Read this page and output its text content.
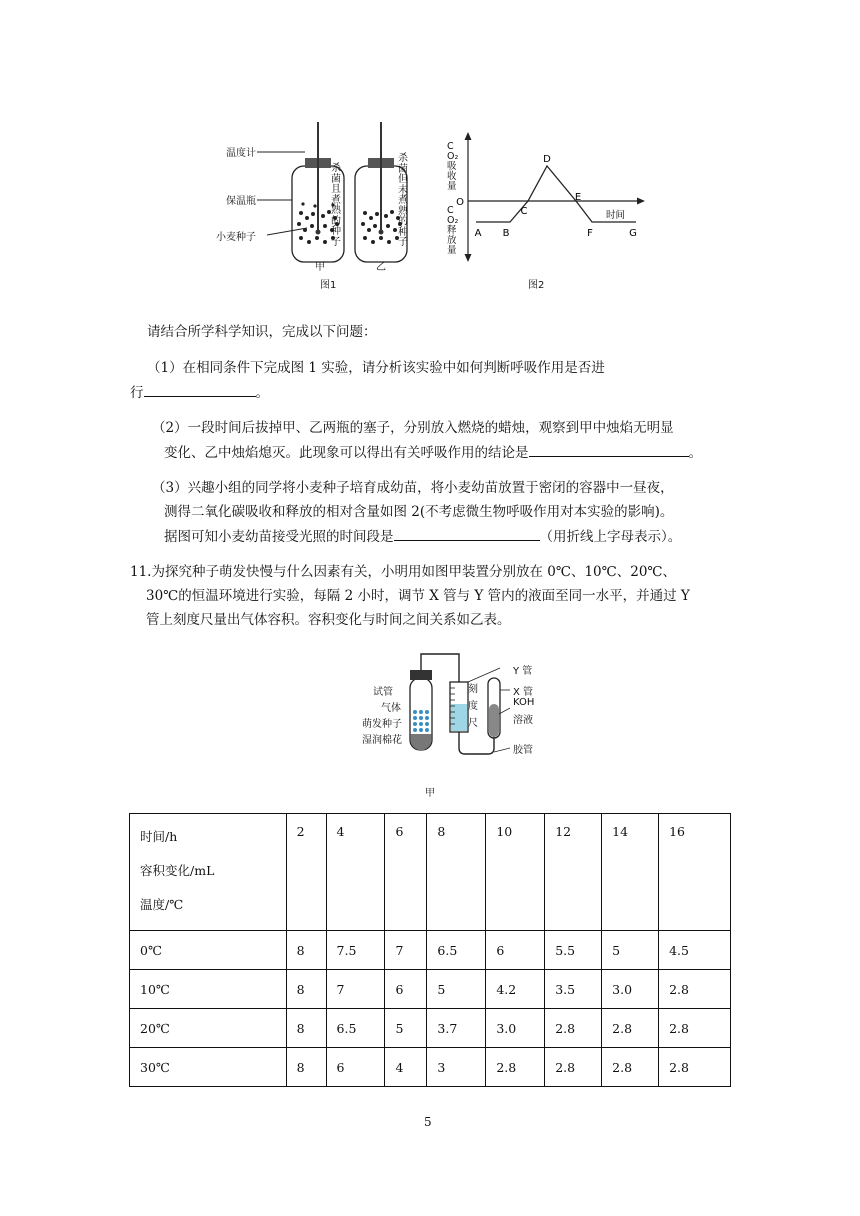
温度计
保温瓶
小麦种子
杀菌且煮熟的种子
杀菌但未煮熟的种子
甲	乙
图1
A B
C
D
E
F	G
O
时间
CO₂吸收量
CO₂释放量
图2
请结合所学科学知识，完成以下问题：
（1）在相同条件下完成图 1 实验，请分析该实验中如何判断呼吸作用是否进
行	。
（2）一段时间后拔掉甲、乙两瓶的塞子，分别放入燃烧的蜡烛，观察到甲中烛焰无明显
变化、乙中烛焰熄灭。此现象可以得出有关呼吸作用的结论是	。
（3）兴趣小组的同学将小麦种子培育成幼苗，将小麦幼苗放置于密闭的容器中一昼夜，
测得二氧化碳吸收和释放的相对含量如图 2(不考虑微生物呼吸作用对本实验的影响)。
据图可知小麦幼苗接受光照的时间段是	（用折线上字母表示）。
11.为探究种子萌发快慢与什么因素有关，小明用如图甲装置分别放在 0℃、10℃、20℃、
30℃的恒温环境进行实验，每隔 2 小时，调节 X 管与 Y 管内的液面至同一水平，并通过 Y
管上刻度尺量出气体容积。容积变化与时间之间关系如乙表。
试管
气体
萌发种子
湿润棉花
刻度尺
Y 管
X 管
KOH
溶液
胶管
甲
时间/h
容积变化/mL
温度/℃	2	4	6	8	10	12	14	16
0℃	8	7.5	7	6.5	6	5.5	5	4.5
10℃	8	7	6	5	4.2	3.5	3.0	2.8
20℃	8	6.5	5	3.7	3.0	2.8	2.8	2.8
30℃	8	6	4	3	2.8	2.8	2.8	2.8
5
